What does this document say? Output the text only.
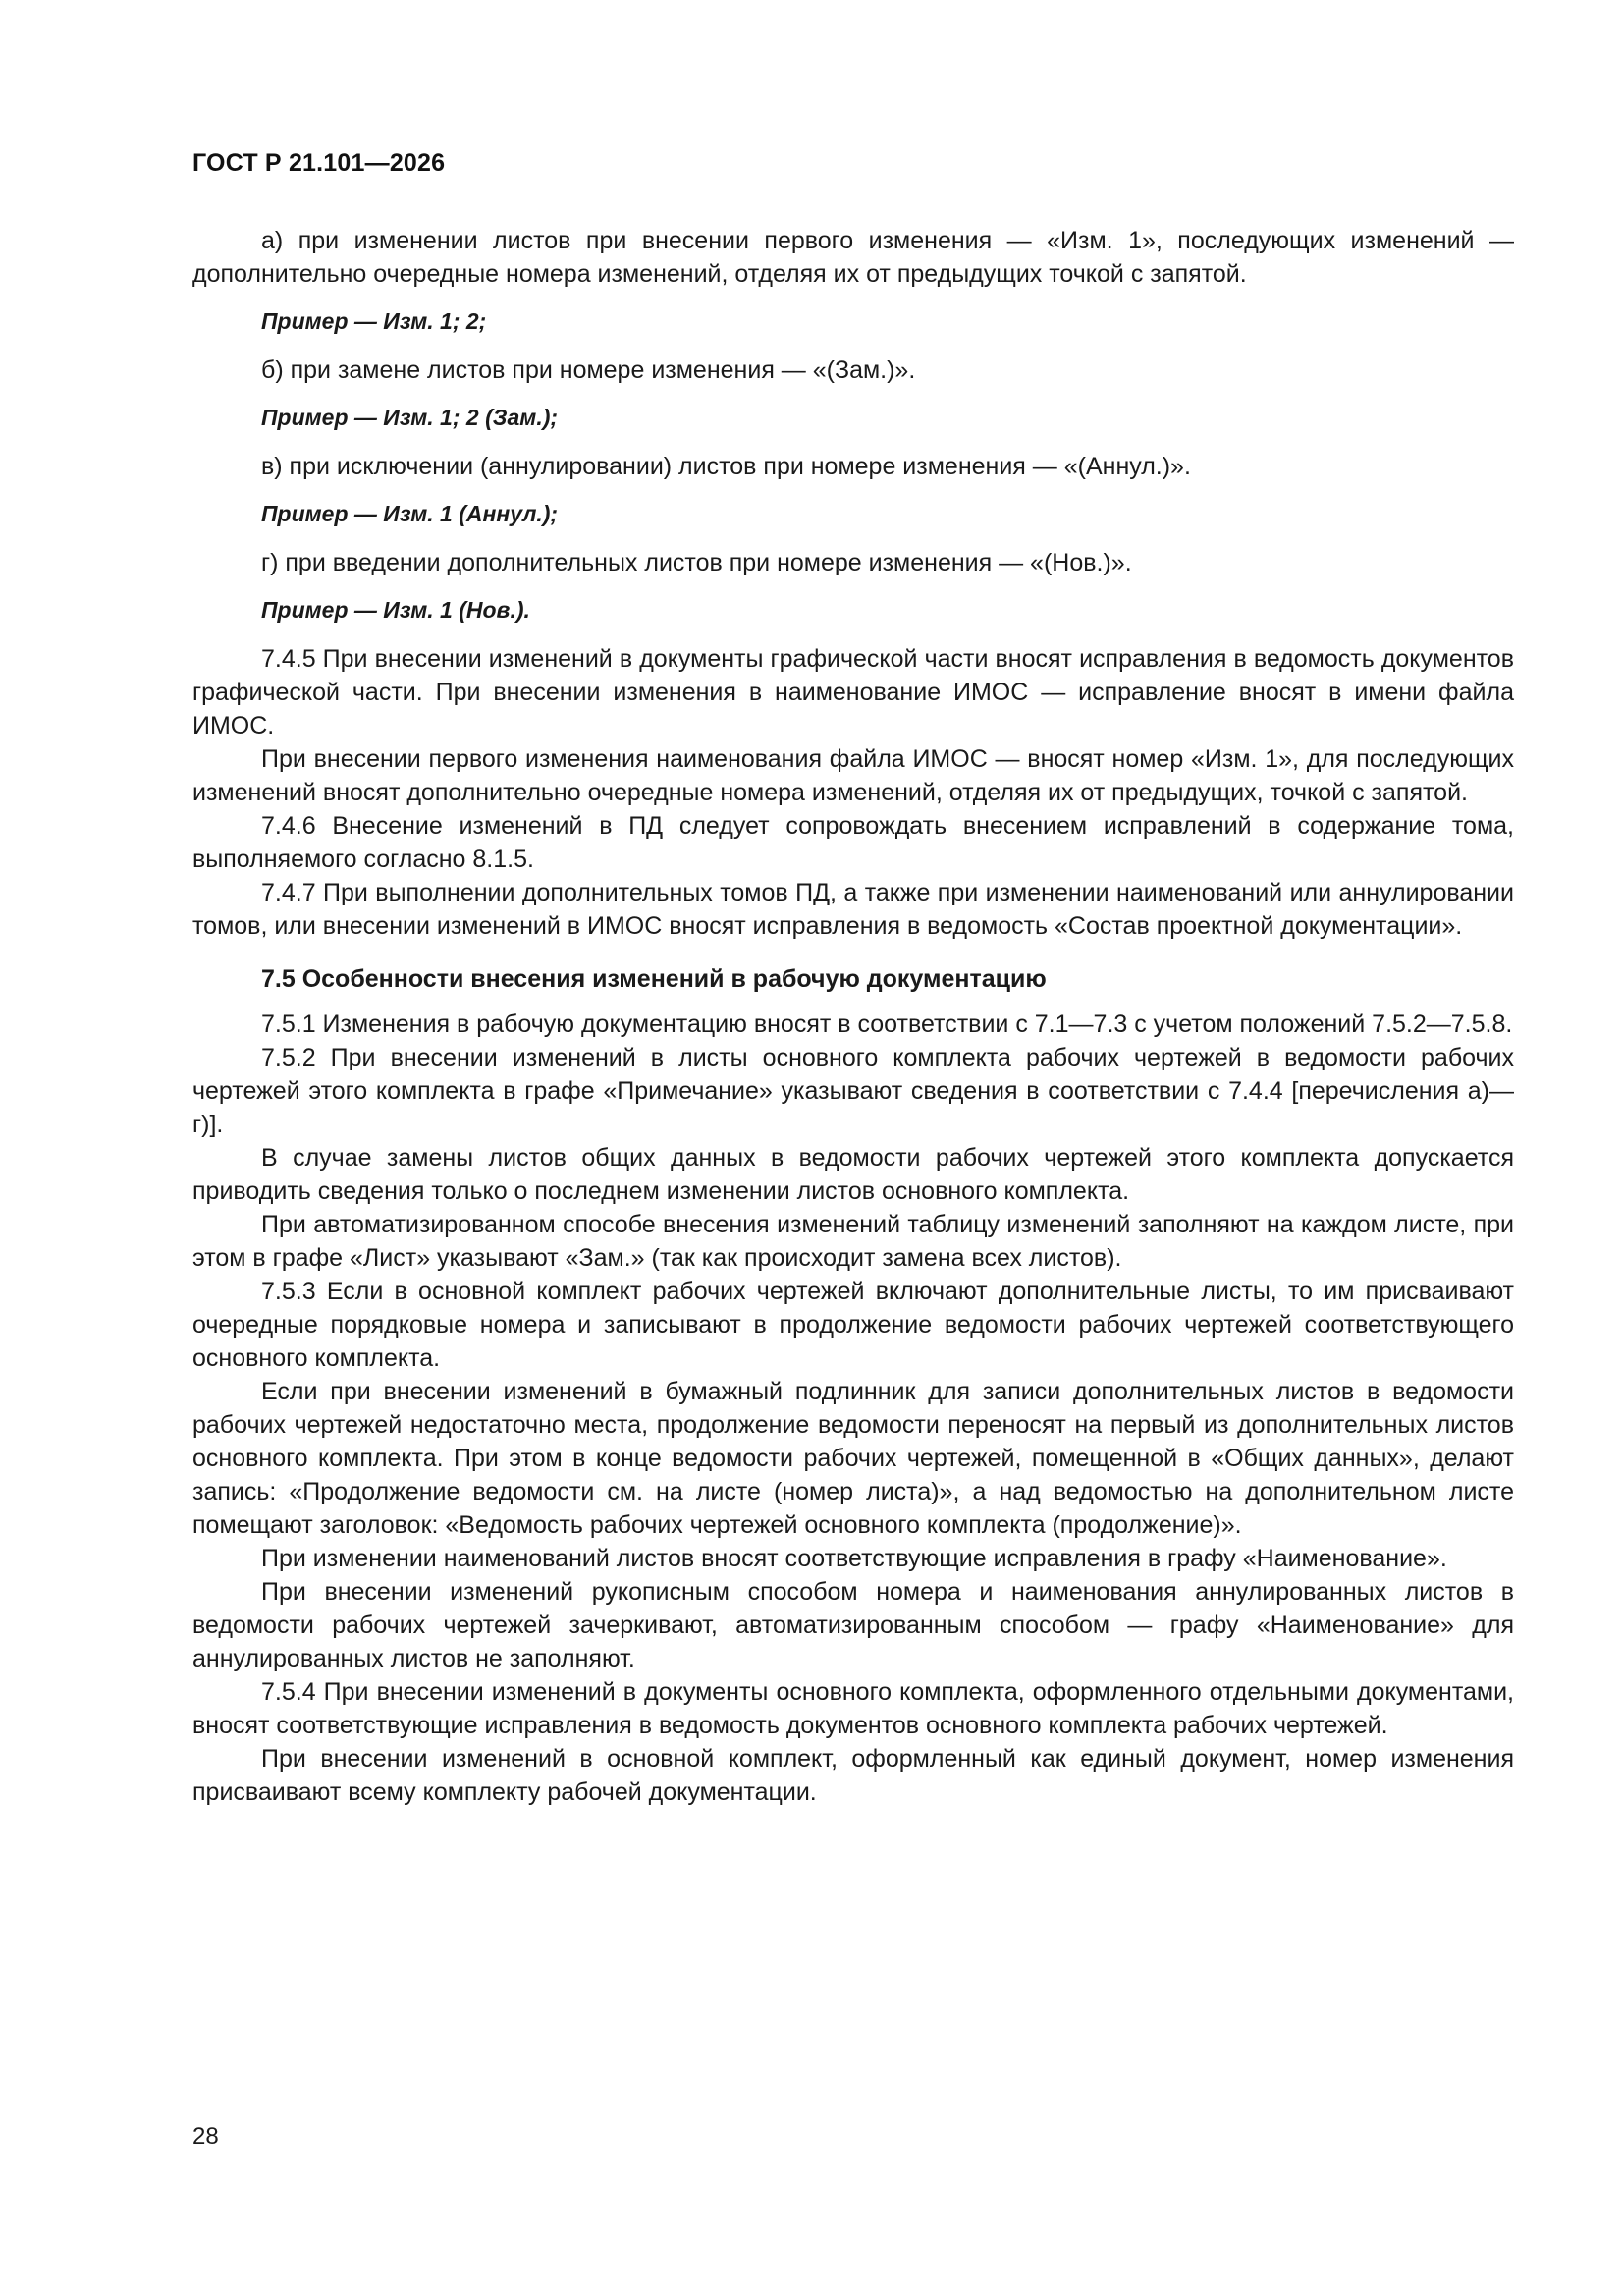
ГОСТ Р 21.101—2026

а) при изменении листов при внесении первого изменения — «Изм. 1», последующих изменений — дополнительно очередные номера изменений, отделяя их от предыдущих точкой с запятой.

Пример — Изм. 1; 2;

б) при замене листов при номере изменения — «(Зам.)».

Пример — Изм. 1; 2 (Зам.);

в) при исключении (аннулировании) листов при номере изменения — «(Аннул.)».

Пример — Изм. 1 (Аннул.);

г) при введении дополнительных листов при номере изменения — «(Нов.)».

Пример — Изм. 1 (Нов.).

7.4.5 При внесении изменений в документы графической части вносят исправления в ведомость документов графической части. При внесении изменения в наименование ИМОС — исправление вносят в имени файла ИМОС.

При внесении первого изменения наименования файла ИМОС — вносят номер «Изм. 1», для последующих изменений вносят дополнительно очередные номера изменений, отделяя их от предыдущих, точкой с запятой.

7.4.6 Внесение изменений в ПД следует сопровождать внесением исправлений в содержание тома, выполняемого согласно 8.1.5.

7.4.7 При выполнении дополнительных томов ПД, а также при изменении наименований или аннулировании томов, или внесении изменений в ИМОС вносят исправления в ведомость «Состав проектной документации».

7.5 Особенности внесения изменений в рабочую документацию

7.5.1 Изменения в рабочую документацию вносят в соответствии с 7.1—7.3 с учетом положений 7.5.2—7.5.8.

7.5.2 При внесении изменений в листы основного комплекта рабочих чертежей в ведомости рабочих чертежей этого комплекта в графе «Примечание» указывают сведения в соответствии с 7.4.4 [перечисления а)—г)].

В случае замены листов общих данных в ведомости рабочих чертежей этого комплекта допускается приводить сведения только о последнем изменении листов основного комплекта.

При автоматизированном способе внесения изменений таблицу изменений заполняют на каждом листе, при этом в графе «Лист» указывают «Зам.» (так как происходит замена всех листов).

7.5.3 Если в основной комплект рабочих чертежей включают дополнительные листы, то им присваивают очередные порядковые номера и записывают в продолжение ведомости рабочих чертежей соответствующего основного комплекта.

Если при внесении изменений в бумажный подлинник для записи дополнительных листов в ведомости рабочих чертежей недостаточно места, продолжение ведомости переносят на первый из дополнительных листов основного комплекта. При этом в конце ведомости рабочих чертежей, помещенной в «Общих данных», делают запись: «Продолжение ведомости см. на листе (номер листа)», а над ведомостью на дополнительном листе помещают заголовок: «Ведомость рабочих чертежей основного комплекта (продолжение)».

При изменении наименований листов вносят соответствующие исправления в графу «Наименование».

При внесении изменений рукописным способом номера и наименования аннулированных листов в ведомости рабочих чертежей зачеркивают, автоматизированным способом — графу «Наименование» для аннулированных листов не заполняют.

7.5.4 При внесении изменений в документы основного комплекта, оформленного отдельными документами, вносят соответствующие исправления в ведомость документов основного комплекта рабочих чертежей.

При внесении изменений в основной комплект, оформленный как единый документ, номер изменения присваивают всему комплекту рабочей документации.

28
